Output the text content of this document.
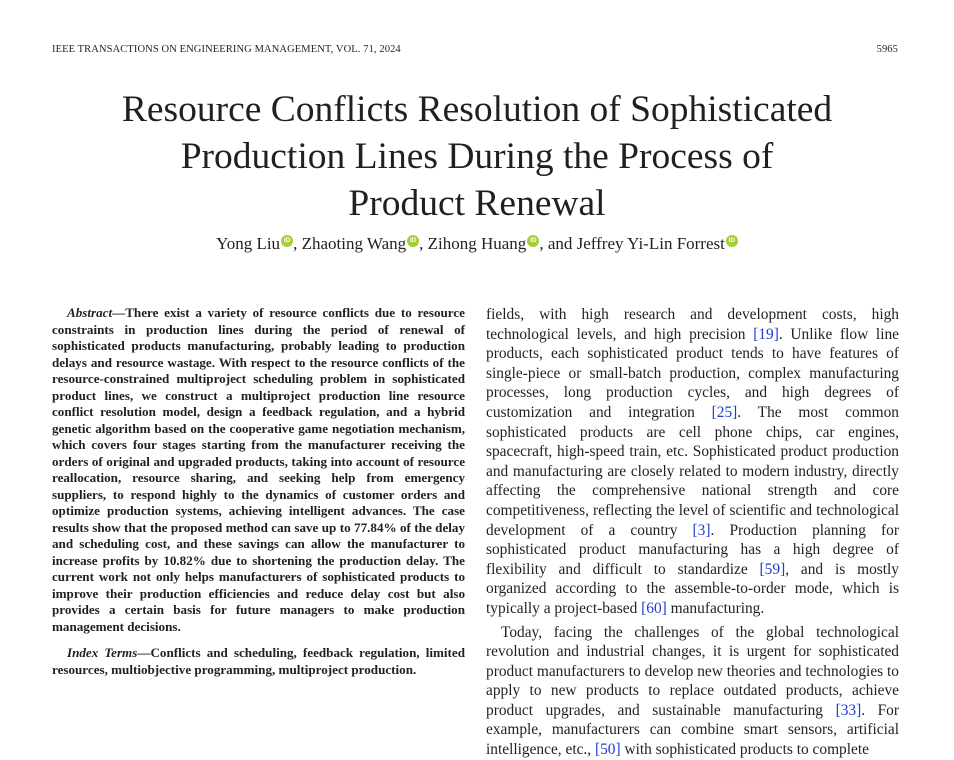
IEEE TRANSACTIONS ON ENGINEERING MANAGEMENT, VOL. 71, 2024	5965
Resource Conflicts Resolution of Sophisticated
Production Lines During the Process of
Product Renewal
Yong Liu iD , Zhaoting Wang iD , Zihong Huang iD , and Jeffrey Yi-Lin Forrest iD

Abstract—There exist a variety of resource conflicts due to resource constraints in production lines during the period of renewal of sophisticated products manufacturing, probably leading to production delays and resource wastage. With respect to the resource conflicts of the resource-constrained multiproject scheduling problem in sophisticated product lines, we construct a multiproject production line resource conflict resolution model, design a feedback regulation, and a hybrid genetic algorithm based on the cooperative game negotiation mechanism, which covers four stages starting from the manufacturer receiving the orders of original and upgraded products, taking into account of resource reallocation, resource sharing, and seeking help from emergency suppliers, to respond highly to the dynamics of customer orders and optimize production systems, achieving intelligent advances. The case results show that the proposed method can save up to 77.84% of the delay and scheduling cost, and these savings can allow the manufacturer to increase profits by 10.82% due to shortening the production delay. The current work not only helps manufacturers of sophisticated products to improve their production efficiencies and reduce delay cost but also provides a certain basis for future managers to make production management decisions.

Index Terms—Conflicts and scheduling, feedback regulation, limited resources, multiobjective programming, multiproject production.

fields, with high research and development costs, high technological levels, and high precision [19]. Unlike flow line products, each sophisticated product tends to have features of single-piece or small-batch production, complex manufacturing processes, long production cycles, and high degrees of customization and integration [25]. The most common sophisticated products are cell phone chips, car engines, spacecraft, high-speed train, etc. Sophisticated product production and manufacturing are closely related to modern industry, directly affecting the comprehensive national strength and core competitiveness, reflecting the level of scientific and technological development of a country [3]. Production planning for sophisticated product manufacturing has a high degree of flexibility and difficult to standardize [59], and is mostly organized according to the assemble-to-order mode, which is typically a project-based [60] manufacturing.

Today, facing the challenges of the global technological revolution and industrial changes, it is urgent for sophisticated product manufacturers to develop new theories and technologies to apply to new products to replace outdated products, achieve product upgrades, and sustainable manufacturing [33]. For example, manufacturers can combine smart sensors, artificial intelligence, etc., [50] with sophisticated products to complete
